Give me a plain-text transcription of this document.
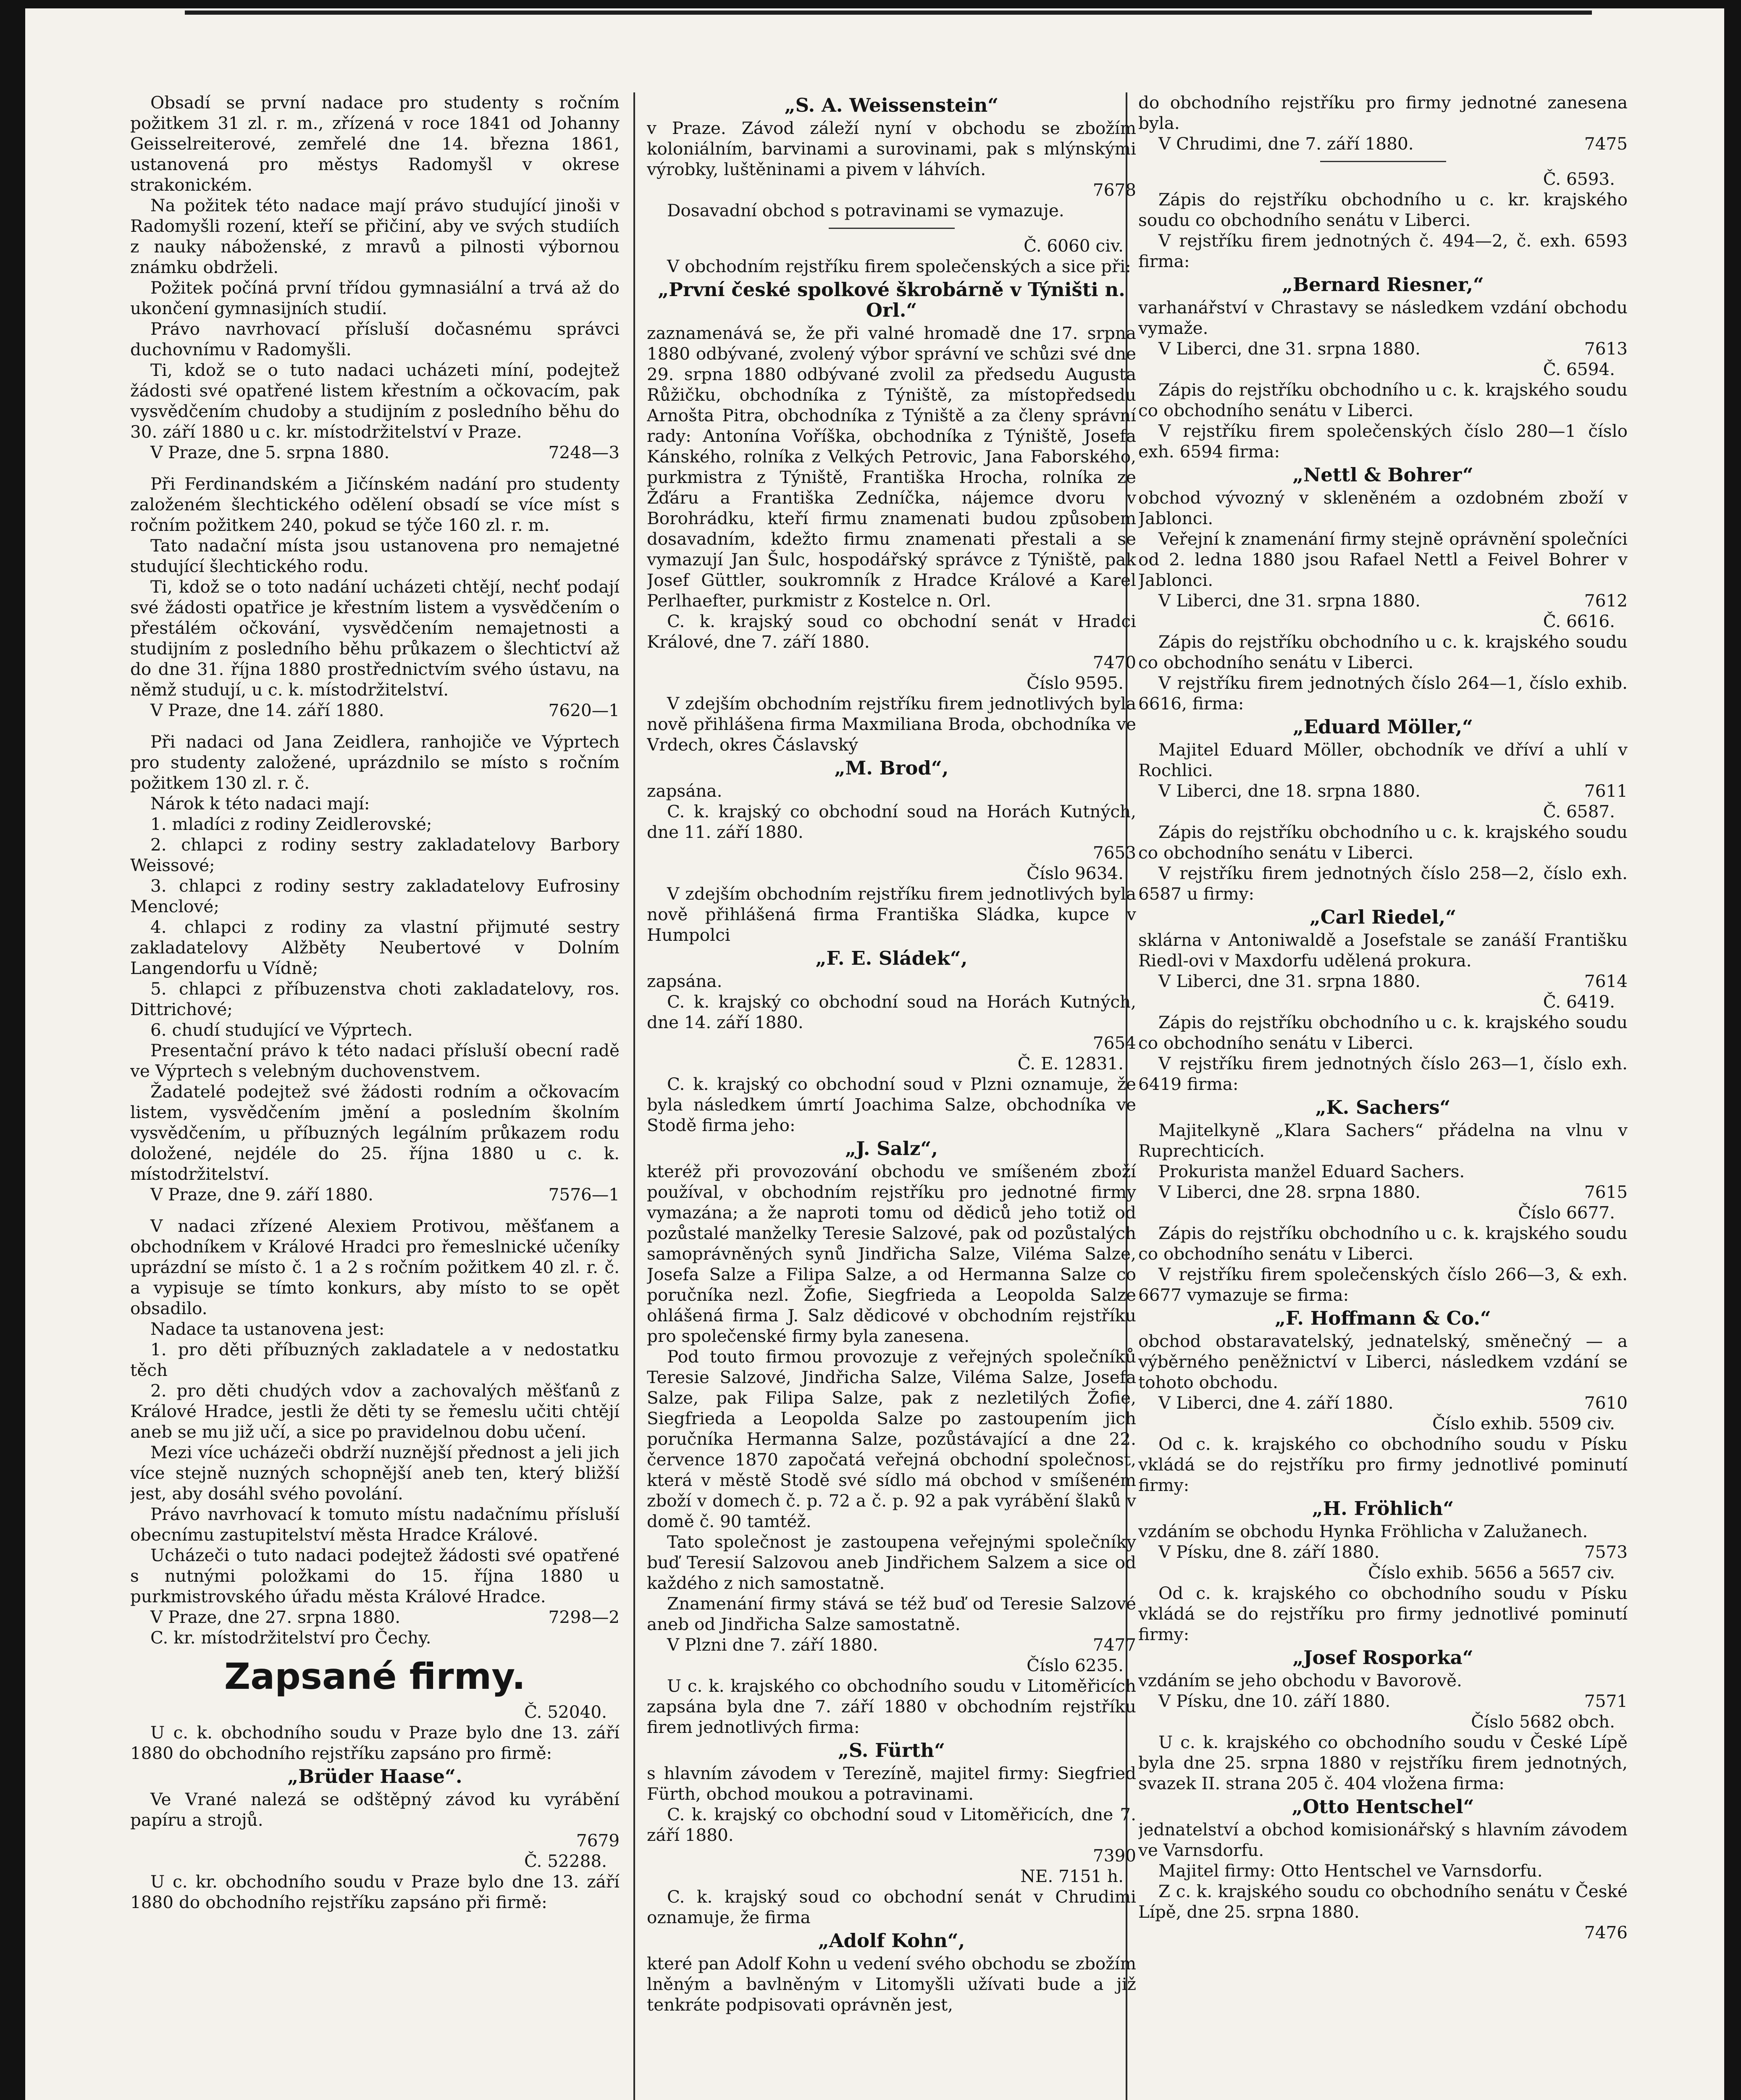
Obsadí se první nadace pro studenty s ročním požitkem 31 zl. r. m., zřízená v roce 1841 od Johanny Geisselreiterové, zemřelé dne 14. března 1861, ustanovená pro městys Radomyšl v okrese strakonickém.

Na požitek této nadace mají právo studující jinoši v Radomyšli rození, kteří se přičiní, aby ve svých studiích z nauky náboženské, z mravů a pilnosti výbornou známku obdrželi.

Požitek počíná první třídou gymnasiální a trvá až do ukončení gymnasijních studií.

Právo navrhovací přísluší dočasnému správci duchovnímu v Radomyšli.

Ti, kdož se o tuto nadaci ucházeti míní, podejtež žádosti své opatřené listem křestním a očkovacím, pak vysvědčením chudoby a studijním z posledního běhu do 30. září 1880 u c. kr. místodržitelství v Praze.

V Praze, dne 5. srpna 1880.	7248—3

Při Ferdinandském a Jičínském nadání pro studenty založeném šlechtického odělení obsadí se více míst s ročním požitkem 240, pokud se týče 160 zl. r. m.

Tato nadační místa jsou ustanovena pro nemajetné studující šlechtického rodu.

Ti, kdož se o toto nadání ucházeti chtějí, nechť podají své žádosti opatřice je křestním listem a vysvědčením o přestálém očkování, vysvědčením nemajetnosti a studijním z posledního běhu průkazem o šlechtictví až do dne 31. října 1880 prostřednictvím svého ústavu, na němž studují, u c. k. místodržitelství.

V Praze, dne 14. září 1880.	7620—1

Při nadaci od Jana Zeidlera, ranhojiče ve Výprtech pro studenty založené, uprázdnilo se místo s ročním požitkem 130 zl. r. č.

Nárok k této nadaci mají:

1. mladíci z rodiny Zeidlerovské;

2. chlapci z rodiny sestry zakladatelovy Barbory Weissové;

3. chlapci z rodiny sestry zakladatelovy Eufrosiny Menclové;

4. chlapci z rodiny za vlastní přijmuté sestry zakladatelovy Alžběty Neubertové v Dolním Langendorfu u Vídně;

5. chlapci z příbuzenstva choti zakladatelovy, ros. Dittrichové;

6. chudí studující ve Výprtech.

Presentační právo k této nadaci přísluší obecní radě ve Výprtech s velebným duchovenstvem.

Žadatelé podejtež své žádosti rodním a očkovacím listem, vysvědčením jmění a posledním školním vysvědčením, u příbuzných legálním průkazem rodu doložené, nejdéle do 25. října 1880 u c. k. místodržitelství.

V Praze, dne 9. září 1880.	7576—1

V nadaci zřízené Alexiem Protivou, měšťanem a obchodníkem v Králové Hradci pro řemeslnické učeníky uprázdní se místo č. 1 a 2 s ročním požitkem 40 zl. r. č. a vypisuje se tímto konkurs, aby místo to se opět obsadilo.

Nadace ta ustanovena jest:

1. pro děti příbuzných zakladatele a v nedostatku těch

2. pro děti chudých vdov a zachovalých měšťanů z Králové Hradce, jestli že děti ty se řemeslu učiti chtějí aneb se mu již učí, a sice po pravidelnou dobu učení.

Mezi více ucházeči obdrží nuznější přednost a jeli jich více stejně nuzných schopnější aneb ten, který bližší jest, aby dosáhl svého povolání.

Právo navrhovací k tomuto místu nadačnímu přísluší obecnímu zastupitelství města Hradce Králové.

Ucházeči o tuto nadaci podejtež žádosti své opatřené s nutnými položkami do 15. října 1880 u purkmistrovského úřadu města Králové Hradce.

V Praze, dne 27. srpna 1880.	7298—2

C. kr. místodržitelství pro Čechy.

Zapsané firmy.

Č. 52040.

U c. k. obchodního soudu v Praze bylo dne 13. září 1880 do obchodního rejstříku zapsáno pro firmě:

„Brüder Haase“.

Ve Vrané nalezá se odštěpný závod ku vyrábění papíru a strojů.

7679

Č. 52288.

U c. kr. obchodního soudu v Praze bylo dne 13. září 1880 do obchodního rejstříku zapsáno při firmě:

„S. A. Weissenstein“

v Praze. Závod záleží nyní v obchodu se zbožím koloniálním, barvinami a surovinami, pak s mlýnskými výrobky, luštěninami a pivem v láhvích.

7678

Dosavadní obchod s potravinami se vymazuje.

Č. 6060 civ.

V obchodním rejstříku firem společenských a sice při:

„První české spolkové škrobárně v Týništi n. Orl.“

zaznamenává se, že při valné hromadě dne 17. srpna 1880 odbývané, zvolený výbor správní ve schůzi své dne 29. srpna 1880 odbývané zvolil za předsedu Augusta Růžičku, obchodníka z Týniště, za místopředsedu Arnošta Pitra, obchodníka z Týniště a za členy správní rady: Antonína Voříška, obchodníka z Týniště, Josefa Kánského, rolníka z Velkých Petrovic, Jana Faborského, purkmistra z Týniště, Františka Hrocha, rolníka ze Žďáru a Františka Zedníčka, nájemce dvoru v Borohrádku, kteří firmu znamenati budou způsobem dosavadním, kdežto firmu znamenati přestali a se vymazují Jan Šulc, hospodářský správce z Týniště, pak Josef Güttler, soukromník z Hradce Králové a Karel Perlhaefter, purkmistr z Kostelce n. Orl.

C. k. krajský soud co obchodní senát v Hradci Králové, dne 7. září 1880.

7470

Číslo 9595.

V zdejším obchodním rejstříku firem jednotlivých byla nově přihlášena firma Maxmiliana Broda, obchodníka ve Vrdech, okres Čáslavský

„M. Brod“,

zapsána.

C. k. krajský co obchodní soud na Horách Kutných, dne 11. září 1880.

7653

Číslo 9634.

V zdejším obchodním rejstříku firem jednotlivých byla nově přihlášená firma Františka Sládka, kupce v Humpolci

„F. E. Sládek“,

zapsána.

C. k. krajský co obchodní soud na Horách Kutných, dne 14. září 1880.

7654

Č. E. 12831.

C. k. krajský co obchodní soud v Plzni oznamuje, že byla následkem úmrtí Joachima Salze, obchodníka ve Stodě firma jeho:

„J. Salz“,

kteréž při provozování obchodu ve smíšeném zboží používal, v obchodním rejstříku pro jednotné firmy vymazána; a že naproti tomu od dědiců jeho totiž od pozůstalé manželky Teresie Salzové, pak od pozůstalých samoprávněných synů Jindřicha Salze, Viléma Salze, Josefa Salze a Filipa Salze, a od Hermanna Salze co poručníka nezl. Žofie, Siegfrieda a Leopolda Salze ohlášená firma J. Salz dědicové v obchodním rejstříku pro společenské firmy byla zanesena.

Pod touto firmou provozuje z veřejných společníků Teresie Salzové, Jindřicha Salze, Viléma Salze, Josefa Salze, pak Filipa Salze, pak z nezletilých Žofie, Siegfrieda a Leopolda Salze po zastoupením jich poručníka Hermanna Salze, pozůstávající a dne 22. července 1870 započatá veřejná obchodní společnost, která v městě Stodě své sídlo má obchod v smíšeném zboží v domech č. p. 72 a č. p. 92 a pak vyrábění šlaků v domě č. 90 tamtéž.

Tato společnost je zastoupena veřejnými společníky buď Teresií Salzovou aneb Jindřichem Salzem a sice od každého z nich samostatně.

Znamenání firmy stává se též buď od Teresie Salzové aneb od Jindřicha Salze samostatně.

V Plzni dne 7. září 1880.	7477

Číslo 6235.

U c. k. krajského co obchodního soudu v Litoměřicích zapsána byla dne 7. září 1880 v obchodním rejstříku firem jednotlivých firma:

„S. Fürth“

s hlavním závodem v Terezíně, majitel firmy: Siegfried Fürth, obchod moukou a potravinami.

C. k. krajský co obchodní soud v Litoměřicích, dne 7. září 1880.

7390

NE. 7151 h.

C. k. krajský soud co obchodní senát v Chrudimi oznamuje, že firma

„Adolf Kohn“,

které pan Adolf Kohn u vedení svého obchodu se zbožím lněným a bavlněným v Litomyšli užívati bude a již tenkráte podpisovati oprávněn jest,

do obchodního rejstříku pro firmy jednotné zanesena byla.

V Chrudimi, dne 7. září 1880.	7475

Č. 6593.

Zápis do rejstříku obchodního u c. kr. krajského soudu co obchodního senátu v Liberci.

V rejstříku firem jednotných č. 494—2, č. exh. 6593 firma:

„Bernard Riesner,“

varhanářství v Chrastavy se následkem vzdání obchodu vymaže.

V Liberci, dne 31. srpna 1880.	7613

Č. 6594.

Zápis do rejstříku obchodního u c. k. krajského soudu co obchodního senátu v Liberci.

V rejstříku firem společenských číslo 280—1 číslo exh. 6594 firma:

„Nettl & Bohrer“

obchod vývozný v skleněném a ozdobném zboží v Jablonci.

Veřejní k znamenání firmy stejně oprávnění společníci od 2. ledna 1880 jsou Rafael Nettl a Feivel Bohrer v Jablonci.

V Liberci, dne 31. srpna 1880.	7612

Č. 6616.

Zápis do rejstříku obchodního u c. k. krajského soudu co obchodního senátu v Liberci.

V rejstříku firem jednotných číslo 264—1, číslo exhib. 6616, firma:

„Eduard Möller,“

Majitel Eduard Möller, obchodník ve dříví a uhlí v Rochlici.

V Liberci, dne 18. srpna 1880.	7611

Č. 6587.

Zápis do rejstříku obchodního u c. k. krajského soudu co obchodního senátu v Liberci.

V rejstříku firem jednotných číslo 258—2, číslo exh. 6587 u firmy:

„Carl Riedel,“

sklárna v Antoniwaldě a Josefstale se zanáší Františku Riedl-ovi v Maxdorfu udělená prokura.

V Liberci, dne 31. srpna 1880.	7614

Č. 6419.

Zápis do rejstříku obchodního u c. k. krajského soudu co obchodního senátu v Liberci.

V rejstříku firem jednotných číslo 263—1, číslo exh. 6419 firma:

„K. Sachers“

Majitelkyně „Klara Sachers“ přádelna na vlnu v Ruprechticích.

Prokurista manžel Eduard Sachers.

V Liberci, dne 28. srpna 1880.	7615

Číslo 6677.

Zápis do rejstříku obchodního u c. k. krajského soudu co obchodního senátu v Liberci.

V rejstříku firem společenských číslo 266—3, & exh. 6677 vymazuje se firma:

„F. Hoffmann & Co.“

obchod obstaravatelský, jednatelský, směnečný — a výběrného peněžnictví v Liberci, následkem vzdání se tohoto obchodu.

V Liberci, dne 4. září 1880.	7610

Číslo exhib. 5509 civ.

Od c. k. krajského co obchodního soudu v Písku vkládá se do rejstříku pro firmy jednotlivé pominutí firmy:

„H. Fröhlich“

vzdáním se obchodu Hynka Fröhlicha v Zalužanech.

V Písku, dne 8. září 1880.	7573

Číslo exhib. 5656 a 5657 civ.

Od c. k. krajského co obchodního soudu v Písku vkládá se do rejstříku pro firmy jednotlivé pominutí firmy:

„Josef Rosporka“

vzdáním se jeho obchodu v Bavorově.

V Písku, dne 10. září 1880.	7571

Číslo 5682 obch.

U c. k. krajského co obchodního soudu v České Lípě byla dne 25. srpna 1880 v rejstříku firem jednotných, svazek II. strana 205 č. 404 vložena firma:

„Otto Hentschel“

jednatelství a obchod komisionářský s hlavním závodem ve Varnsdorfu.

Majitel firmy: Otto Hentschel ve Varnsdorfu.

Z c. k. krajského soudu co obchodního senátu v České Lípě, dne 25. srpna 1880.

7476
